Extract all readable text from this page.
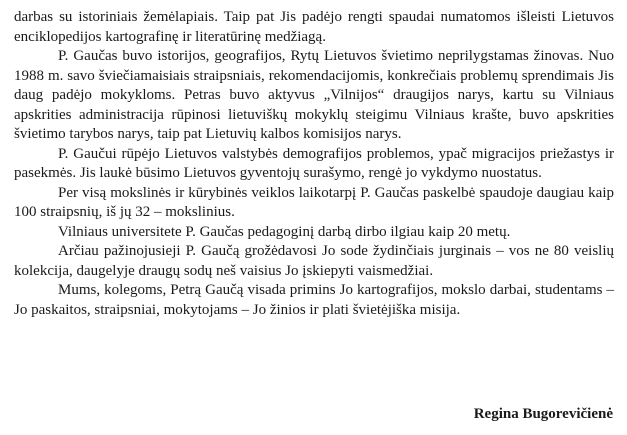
darbas su istoriniais žemėlapiais. Taip pat Jis padėjo rengti spaudai numatomos išleisti Lietuvos enciklopedijos kartografinę ir literatūrinę medžiagą.

P. Gaučas buvo istorijos, geografijos, Rytų Lietuvos švietimo neprilygstamas žinovas. Nuo 1988 m. savo šviečiamaisiais straipsniais, rekomendacijomis, konkrečiais problemų sprendimais Jis daug padėjo mokykloms. Petras buvo aktyvus „Vilnijos“ draugijos narys, kartu su Vilniaus apskrities administracija rūpinosi lietuviškų mokyklų steigimu Vilniaus krašte, buvo apskrities švietimo tarybos narys, taip pat Lietuvių kalbos komisijos narys.

P. Gaučui rūpėjo Lietuvos valstybės demografijos problemos, ypač migracijos priežastys ir pasekmės. Jis laukė būsimo Lietuvos gyventojų surašymo, rengė jo vykdymo nuostatus.

Per visą mokslinės ir kūrybinės veiklos laikotarpį P. Gaučas paskelbė spaudoje daugiau kaip 100 straipsnių, iš jų 32 – mokslinius.

Vilniaus universitete P. Gaučas pedagoginį darbą dirbo ilgiau kaip 20 metų.

Arčiau pažinojusieji P. Gaučą grožėdavosi Jo sode žydinčiais jurginais – vos ne 80 veislių kolekcija, daugelyje draugų sodų neš vaisius Jo įskiepyti vaismedžiai.

Mums, kolegoms, Petrą Gaučą visada primins Jo kartografijos, mokslo darbai, studentams – Jo paskaitos, straipsniai, mokytojams – Jo žinios ir plati švietėjiška misija.

Regina Bugorevičienė
